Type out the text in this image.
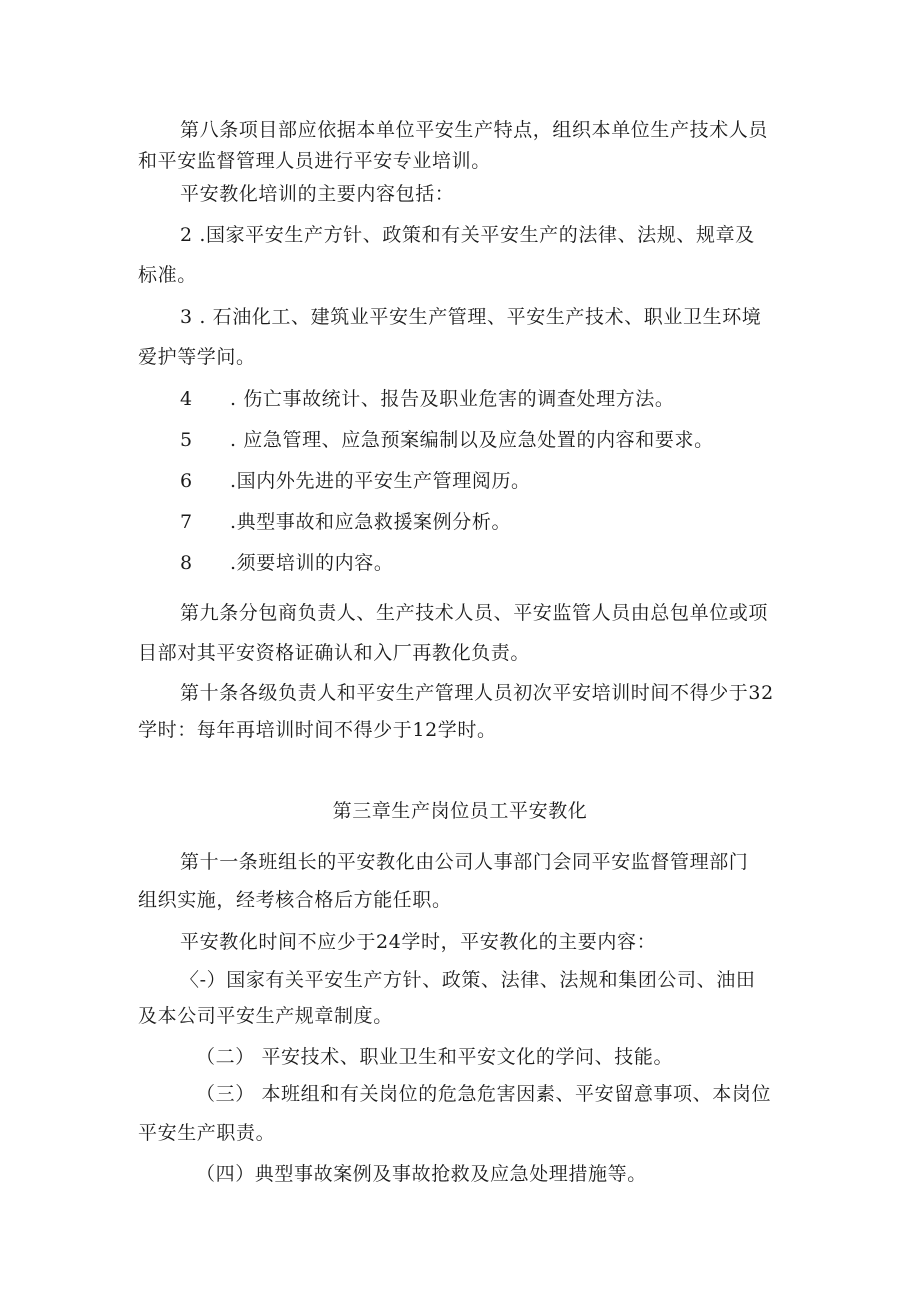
第八条项目部应依据本单位平安生产特点，组织本单位生产技术人员
和平安监督管理人员进行平安专业培训。
平安教化培训的主要内容包括：
2 .国家平安生产方针、政策和有关平安生产的法律、法规、规章及
标准。
3 . 石油化工、建筑业平安生产管理、平安生产技术、职业卫生环境
爱护等学问。
4 . 伤亡事故统计、报告及职业危害的调查处理方法。
5 . 应急管理、应急预案编制以及应急处置的内容和要求。
6 .国内外先进的平安生产管理阅历。
7 .典型事故和应急救援案例分析。
8 .须要培训的内容。
第九条分包商负责人、生产技术人员、平安监管人员由总包单位或项
目部对其平安资格证确认和入厂再教化负责。
第十条各级负责人和平安生产管理人员初次平安培训时间不得少于32
学时：每年再培训时间不得少于12学时。
第三章生产岗位员工平安教化
第十一条班组长的平安教化由公司人事部门会同平安监督管理部门
组织实施，经考核合格后方能任职。
平安教化时间不应少于24学时，平安教化的主要内容：
〈-）国家有关平安生产方针、政策、法律、法规和集团公司、油田
及本公司平安生产规章制度。
（二） 平安技术、职业卫生和平安文化的学问、技能。
（三） 本班组和有关岗位的危急危害因素、平安留意事项、本岗位
平安生产职责。
（四）典型事故案例及事故抢救及应急处理措施等。
